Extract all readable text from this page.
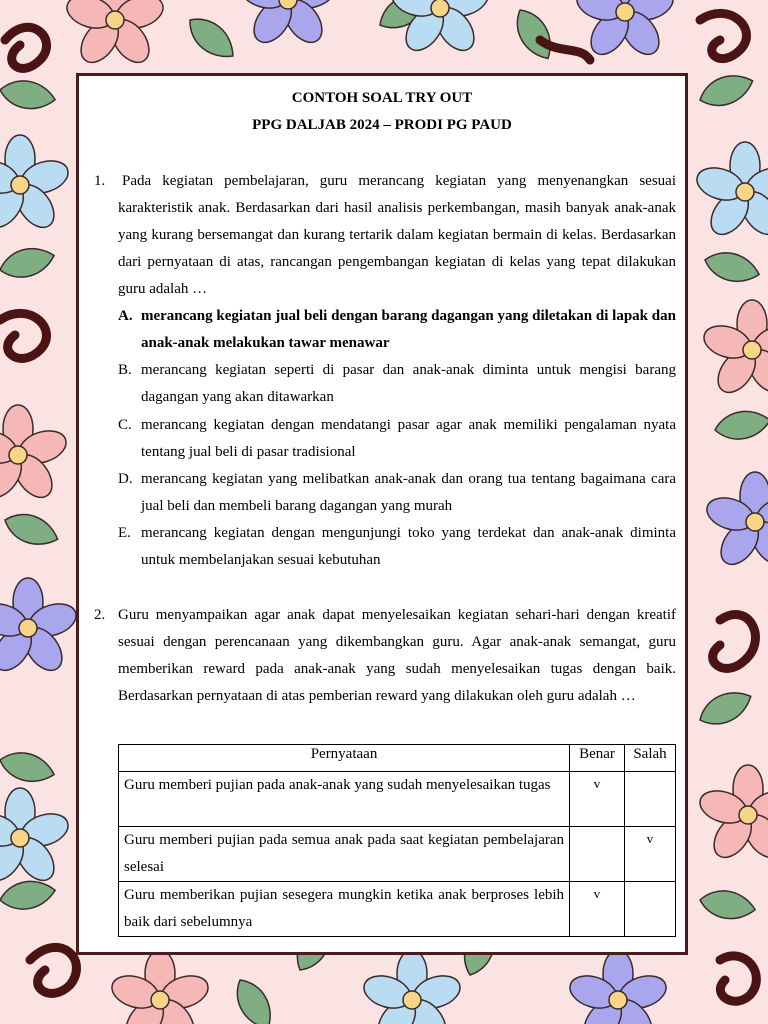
CONTOH SOAL TRY OUT
PPG DALJAB 2024 – PRODI PG PAUD
1. Pada kegiatan pembelajaran, guru merancang kegiatan yang menyenangkan sesuai karakteristik anak. Berdasarkan dari hasil analisis perkembangan, masih banyak anak-anak yang kurang bersemangat dan kurang tertarik dalam kegiatan bermain di kelas. Berdasarkan dari pernyataan di atas, rancangan pengembangan kegiatan di kelas yang tepat dilakukan guru adalah …
A. merancang kegiatan jual beli dengan barang dagangan yang diletakan di lapak dan anak-anak melakukan tawar menawar
B. merancang kegiatan seperti di pasar dan anak-anak diminta untuk mengisi barang dagangan yang akan ditawarkan
C. merancang kegiatan dengan mendatangi pasar agar anak memiliki pengalaman nyata tentang jual beli di pasar tradisional
D. merancang kegiatan yang melibatkan anak-anak dan orang tua tentang bagaimana cara jual beli dan membeli barang dagangan yang murah
E. merancang kegiatan dengan mengunjungi toko yang terdekat dan anak-anak diminta untuk membelanjakan sesuai kebutuhan
2. Guru menyampaikan agar anak dapat menyelesaikan kegiatan sehari-hari dengan kreatif sesuai dengan perencanaan yang dikembangkan guru. Agar anak-anak semangat, guru memberikan reward pada anak-anak yang sudah menyelesaikan tugas dengan baik. Berdasarkan pernyataan di atas pemberian reward yang dilakukan oleh guru adalah …
Pernyataan	Benar	Salah
Guru memberi pujian pada anak-anak yang sudah menyelesaikan tugas	v	
Guru memberi pujian pada semua anak pada saat kegiatan pembelajaran selesai		v
Guru memberikan pujian sesegera mungkin ketika anak berproses lebih baik dari sebelumnya	v	
